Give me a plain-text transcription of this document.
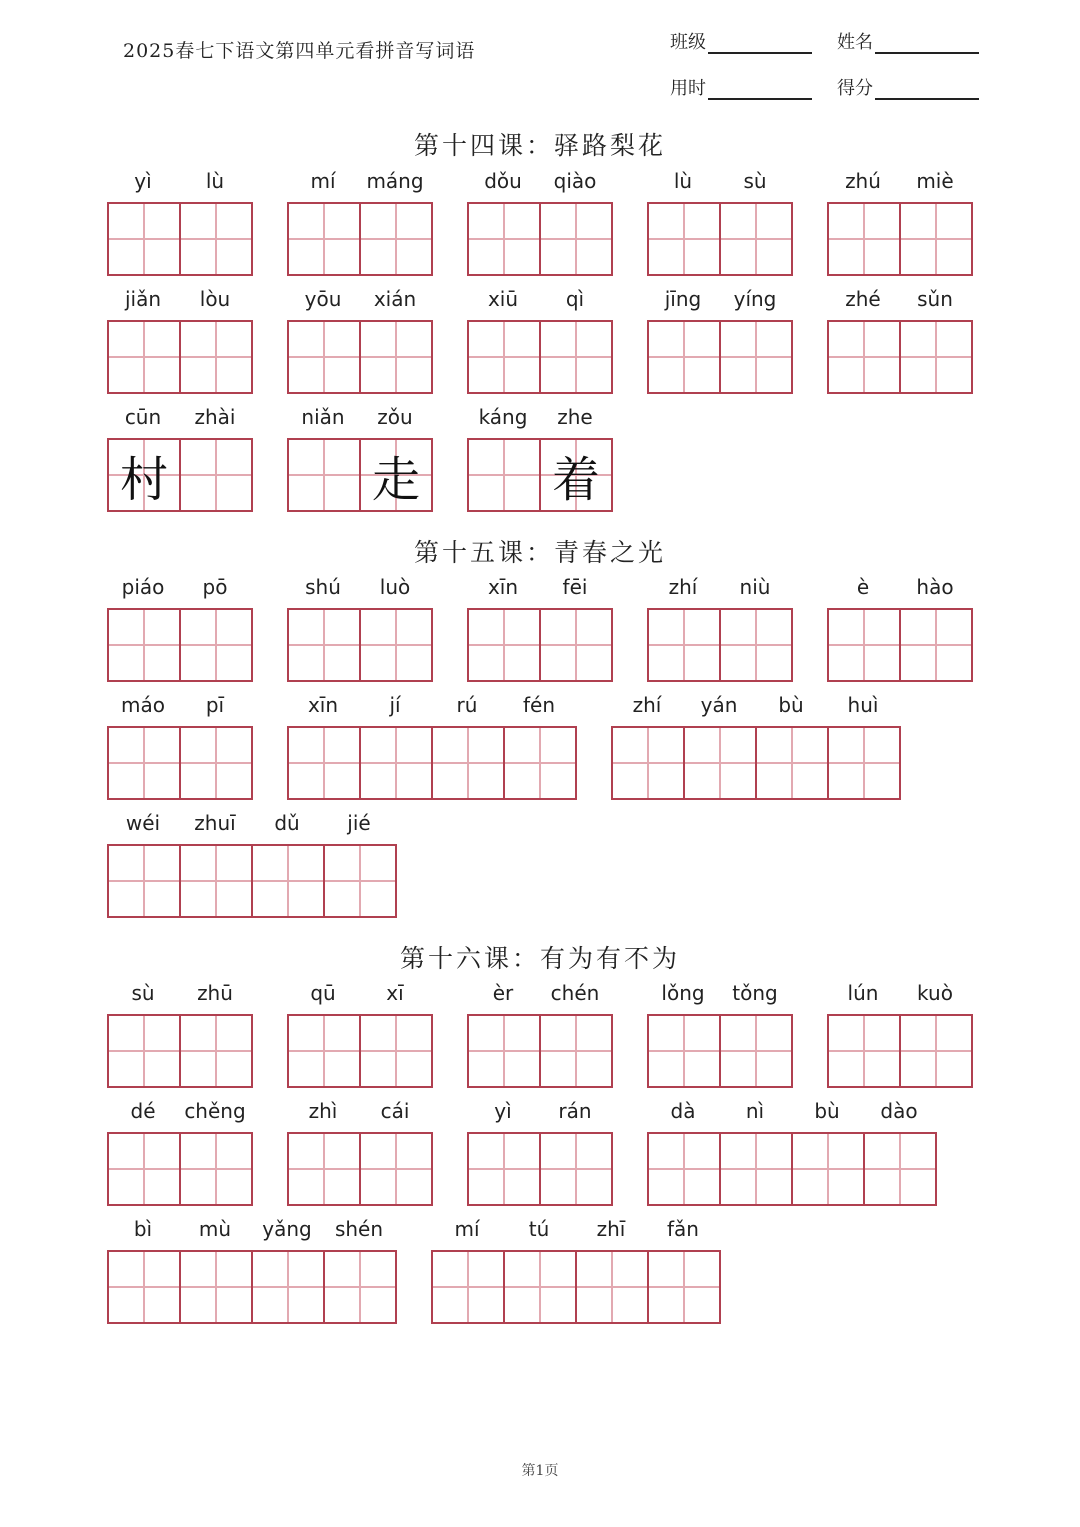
2025春七下语文第四单元看拼音写词语	班级	姓名
用时	得分
第十四课：驿路梨花
第十五课：青春之光
第十六课：有为有不为
yì	lù	mí	máng	dǒu	qiào	lù	sù	zhú	miè
jiǎn	lòu	yōu	xián	xiū	qì	jīng	yíng	zhé	sǔn
cūn	zhài
村
niǎn	zǒu
走
káng	zhe
着
piáo	pō	shú	luò	xīn	fēi	zhí	niù	è	hào
máo	pī	xīn	jí	rú	fén	zhí	yán	bù	huì
wéi	zhuī	dǔ	jié
sù	zhū	qū	xī	èr	chén	lǒng	tǒng	lún	kuò
dé	chěng	zhì	cái	yì	rán	dà	nì	bù	dào
bì	mù	yǎng	shén	mí	tú	zhī	fǎn
第1页
